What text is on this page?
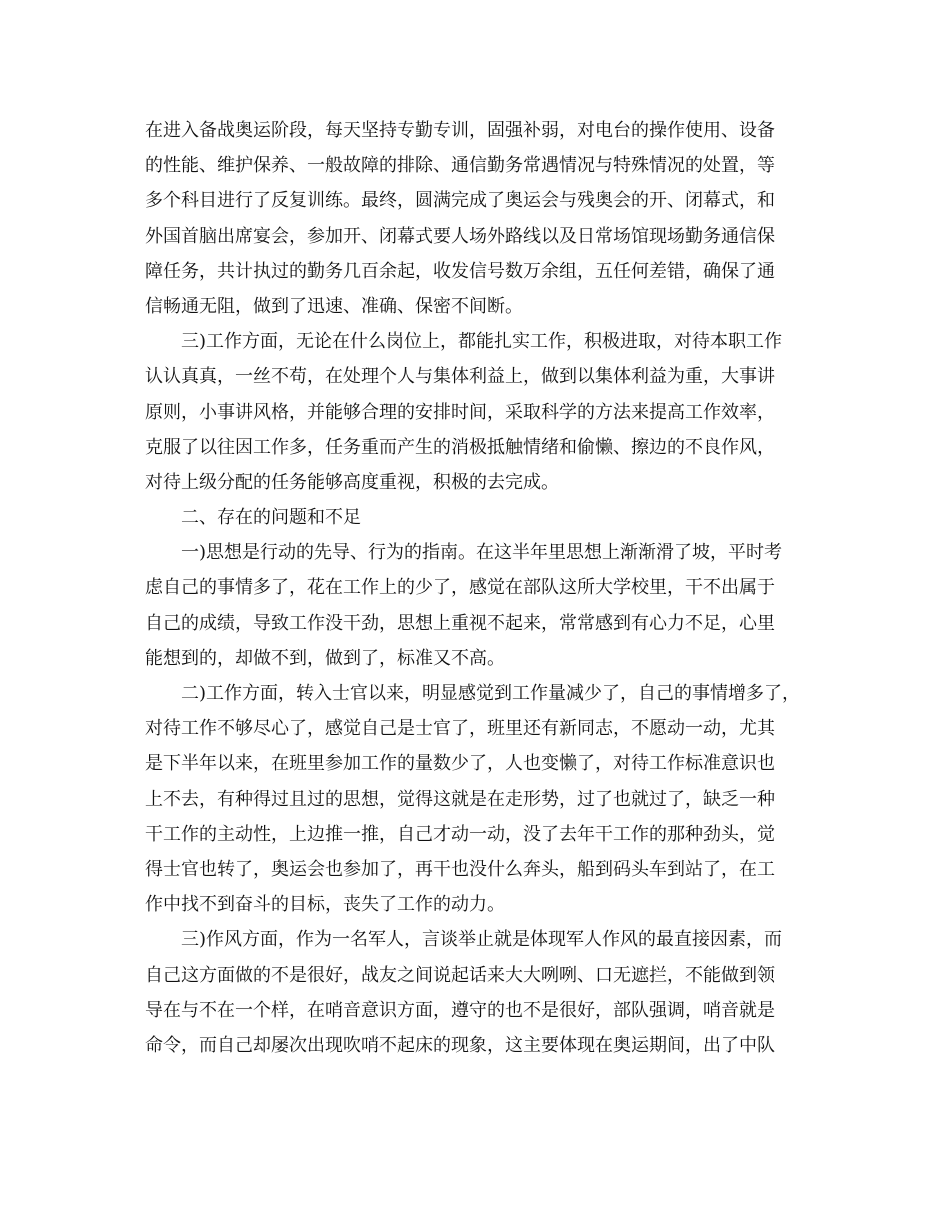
在进入备战奥运阶段，每天坚持专勤专训，固强补弱，对电台的操作使用、设备
的性能、维护保养、一般故障的排除、通信勤务常遇情况与特殊情况的处置，等
多个科目进行了反复训练。最终，圆满完成了奥运会与残奥会的开、闭幕式，和
外国首脑出席宴会，参加开、闭幕式要人场外路线以及日常场馆现场勤务通信保
障任务，共计执过的勤务几百余起，收发信号数万余组，五任何差错，确保了通
信畅通无阻，做到了迅速、准确、保密不间断。
三)工作方面，无论在什么岗位上，都能扎实工作，积极进取，对待本职工作
认认真真，一丝不苟，在处理个人与集体利益上，做到以集体利益为重，大事讲
原则，小事讲风格，并能够合理的安排时间，采取科学的方法来提高工作效率，
克服了以往因工作多，任务重而产生的消极抵触情绪和偷懒、擦边的不良作风，
对待上级分配的任务能够高度重视，积极的去完成。
二、存在的问题和不足
一)思想是行动的先导、行为的指南。在这半年里思想上渐渐滑了坡，平时考
虑自己的事情多了，花在工作上的少了，感觉在部队这所大学校里，干不出属于
自己的成绩，导致工作没干劲，思想上重视不起来，常常感到有心力不足，心里
能想到的，却做不到，做到了，标准又不高。
二)工作方面，转入士官以来，明显感觉到工作量减少了，自己的事情增多了，
对待工作不够尽心了，感觉自己是士官了，班里还有新同志，不愿动一动，尤其
是下半年以来，在班里参加工作的量数少了，人也变懒了，对待工作标准意识也
上不去，有种得过且过的思想，觉得这就是在走形势，过了也就过了，缺乏一种
干工作的主动性，上边推一推，自己才动一动，没了去年干工作的那种劲头，觉
得士官也转了，奥运会也参加了，再干也没什么奔头，船到码头车到站了，在工
作中找不到奋斗的目标，丧失了工作的动力。
三)作风方面，作为一名军人，言谈举止就是体现军人作风的最直接因素，而
自己这方面做的不是很好，战友之间说起话来大大咧咧、口无遮拦，不能做到领
导在与不在一个样，在哨音意识方面，遵守的也不是很好，部队强调，哨音就是
命令，而自己却屡次出现吹哨不起床的现象，这主要体现在奥运期间，出了中队
